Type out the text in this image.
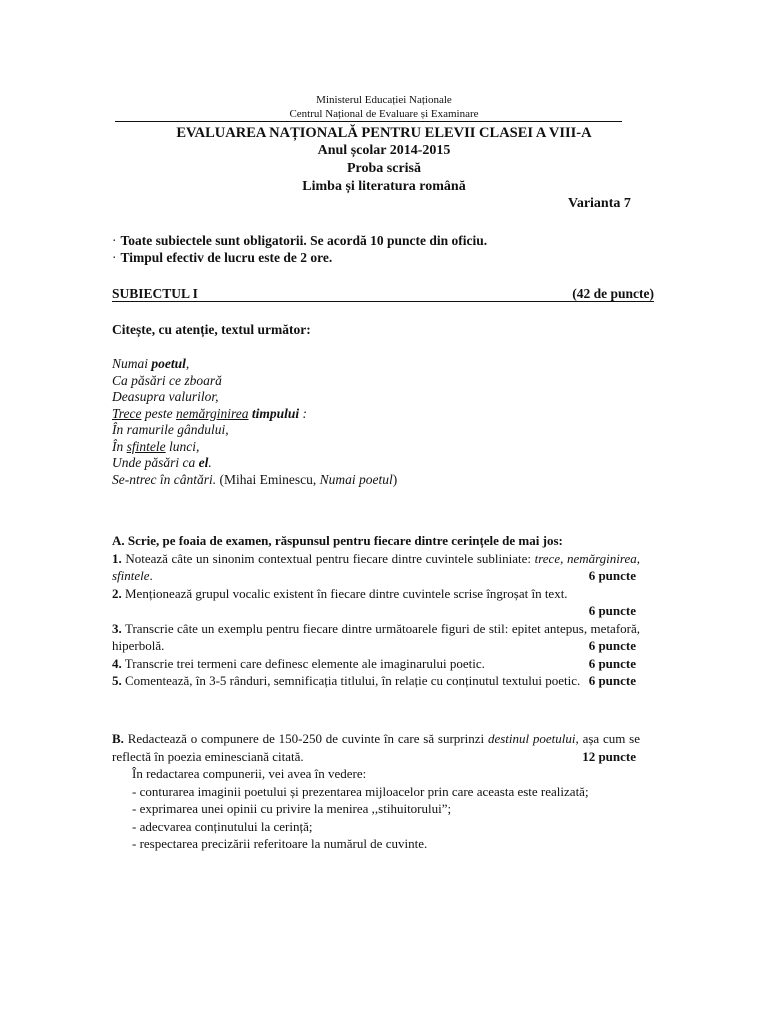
Ministerul Educației Naționale
Centrul Național de Evaluare și Examinare
EVALUAREA NAȚIONALĂ PENTRU ELEVII CLASEI A VIII-A
Anul școlar 2014-2015
Proba scrisă
Limba și literatura română
Varianta 7
· Toate subiectele sunt obligatorii. Se acordă 10 puncte din oficiu.
· Timpul efectiv de lucru este de 2 ore.
SUBIECTUL I	(42 de puncte)
Citește, cu atenție, textul următor:
Numai poetul,
Ca păsări ce zboară
Deasupra valurilor,
Trece peste nemărginirea timpului :
În ramurile gândului,
În sfintele lunci,
Unde păsări ca el.
Se-ntrec în cântări. (Mihai Eminescu, Numai poetul)

A. Scrie, pe foaia de examen, răspunsul pentru fiecare dintre cerințele de mai jos:

1. Notează câte un sinonim contextual pentru fiecare dintre cuvintele subliniate: trece, nemărginirea, sfintele.	6 puncte

2. Menționează grupul vocalic existent în fiecare dintre cuvintele scrise îngroșat în text.

6 puncte

3. Transcrie câte un exemplu pentru fiecare dintre următoarele figuri de stil: epitet antepus, metaforă, hiperbolă.	6 puncte

4. Transcrie trei termeni care definesc elemente ale imaginarului poetic.	6 puncte

5. Comentează, în 3-5 rânduri, semnificația titlului, în relație cu conținutul textului poetic. 6 puncte

B. Redactează o compunere de 150-250 de cuvinte în care să surprinzi destinul poetului, așa cum se reflectă în poezia eminesciană citată.	12 puncte

În redactarea compunerii, vei avea în vedere:

- conturarea imaginii poetului și prezentarea mijloacelor prin care aceasta este realizată;

- exprimarea unei opinii cu privire la menirea ,,stihuitorului”;

- adecvarea conținutului la cerință;

- respectarea precizării referitoare la numărul de cuvinte.
